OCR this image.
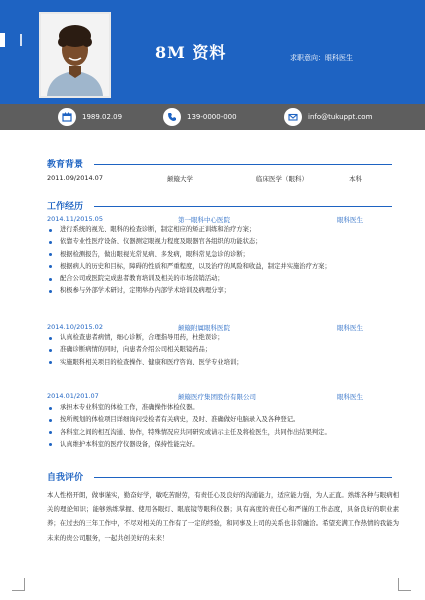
8M 资料	求职意向：眼科医生
1989.02.09	139-0000-000	info@tukuppt.com
教育背景
2011.09/2014.07	颠簸大学	临床医学（眼科）	本科
工作经历
2014.11/2015.05	第一眼科中心医院	眼科医生
进行系统的视光、眼科的检查诊断，制定相应的矫正训练和治疗方案；
依靠专业性医疗设备、仪器测定眼视力程度及眼器官各组织的功能状态；
根据检测报告，做出眼视光常见病、多发病，眼科常见急诊的诊断；
根据病人的历史和目标，障碍的性质和严重程度，以及治疗的风险和收益，制定并实施治疗方案；
配合公司或医院完成患者教育培训及相关的市场营销活动；
积极参与外部学术研讨，定期举办内部学术培训及病理分享；
2014.10/2015.02	颠簸附属眼科医院	眼科医生
认真检查患者病情，细心诊断，合理指导用药，杜绝误诊；
准确诊断病情的同时，向患者介绍公司相关眼镜药品；
实施眼科相关项目的检查操作、健康和医疗咨询、医学专业培训；
2014.01/201.07	颠簸医疗集团股份有限公司	眼科医生
承担本专业科室的体检工作，准确操作体检仪器。
按所规划的体检项目详细询问受检者有关病史，及时、准确做好电脑录入及各种登记。
各科室之间的相互沟通、协作，特殊情况应共同研究或请示主任及将检医生，共同作出结果判定。
认真维护本科室的医疗仪器设备，保持性能完好。
自我评价
本人性格开朗，做事谨实，勤奋好学，敏吃苦耐劳，有责任心及良好的沟通能力，适应能力强，为人正直。熟练各种与眼病相关的理论知识；能够熟练掌握、使用各眼灯、眼底镜等眼科仪器；具有高度的责任心和严谨的工作态度，具备良好的职业素养；在过去的三年工作中，不尽对相关的工作有了一定的经验，和同事及上司的关系也非常融洽。希望充满工作热情的我能为未来的贵公司服务，一起共创美好的未来！
